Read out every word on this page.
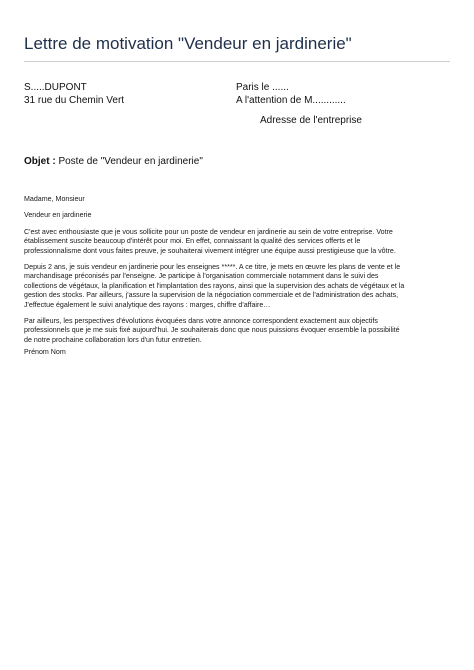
Lettre de motivation "Vendeur en jardinerie"
S.....DUPONT
31 rue du Chemin Vert
Paris le ......
A l'attention de M............
Adresse de l'entreprise
Objet : Poste de "Vendeur en jardinerie"

Madame, Monsieur

Vendeur en jardinerie

C'est avec enthousiaste que je vous sollicite pour un poste de vendeur en jardinerie au sein de votre entreprise. Votre
établissement suscite beaucoup d'intérêt pour moi. En effet, connaissant la qualité des services offerts et le
professionnalisme dont vous faites preuve, je souhaiterai vivement intégrer une équipe aussi prestigieuse que la vôtre.

Depuis 2 ans, je suis vendeur en jardinerie pour les enseignes *****. A ce titre, je mets en œuvre les plans de vente et le
marchandisage préconisés par l'enseigne. Je participe à l'organisation commerciale notamment dans le suivi des
collections de végétaux, la planification et l'implantation des rayons, ainsi que la supervision des achats de végétaux et la
gestion des stocks. Par ailleurs, j'assure la supervision de la négociation commerciale et de l'administration des achats,
J'effectue également le suivi analytique des rayons : marges, chiffre d'affaire…

Par ailleurs, les perspectives d'évolutions évoquées dans votre annonce correspondent exactement aux objectifs
professionnels que je me suis fixé aujourd'hui. Je souhaiterais donc que nous puissions évoquer ensemble la possibilité
de notre prochaine collaboration lors d'un futur entretien.

Prénom Nom
